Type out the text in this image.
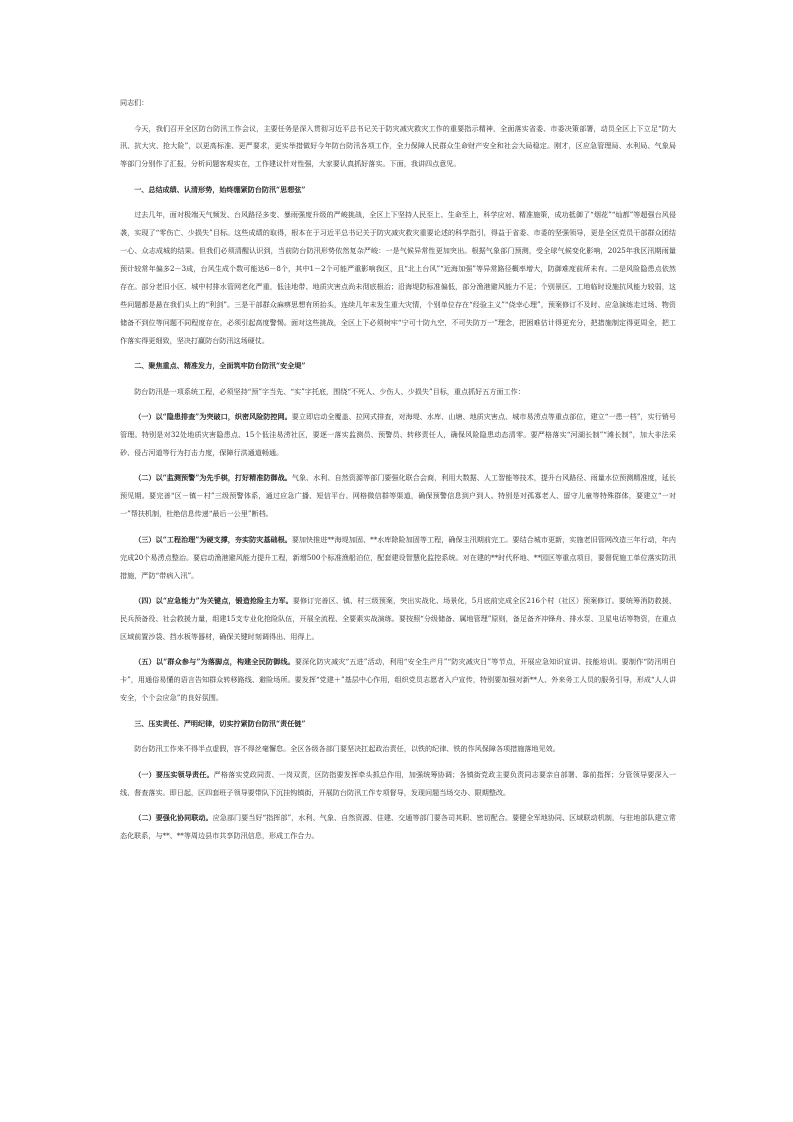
同志们：

今天，我们召开全区防台防汛工作会议，主要任务是深入贯彻习近平总书记关于防灾减灾救灾工作的重要指示精神，全面落实省委、市委决策部署，动员全区上下立足“防大汛、抗大灾、抢大险”，以更高标准、更严要求，更实举措做好今年防台防汛各项工作，全力保障人民群众生命财产安全和社会大局稳定。刚才，区应急管理局、水利局、气象局等部门分别作了汇报，分析问题客观实在，工作建议针对性强，大家要认真抓好落实。下面，我讲四点意见。

一、总结成绩、认清形势，始终绷紧防台防汛“思想弦”

过去几年，面对极端天气频发、台风路径多变、暴雨强度升级的严峻挑战，全区上下坚持人民至上、生命至上，科学应对、精准施策，成功抵御了“烟花”“灿都”等超强台风侵袭，实现了“零伤亡、少损失”目标。这些成绩的取得，根本在于习近平总书记关于防灾减灾救灾重要论述的科学指引，得益于省委、市委的坚强领导，更是全区党员干部群众团结一心、众志成城的结果。但我们必须清醒认识到，当前防台防汛形势依然复杂严峻：一是气候异常性更加突出。根据气象部门预测，受全球气候变化影响，2025年我区汛期雨量预计较常年偏多2－3成，台风生成个数可能达6－8个，其中1－2个可能严重影响我区，且“北上台风”“近海加强”等异常路径概率增大，防御难度前所未有。二是风险隐患点依然存在。部分老旧小区、城中村排水管网老化严重，低洼地带、地质灾害点尚未彻底根治；沿海堤防标准偏低，部分渔港避风能力不足；个别景区、工地临时设施抗风能力较弱，这些问题都是悬在我们头上的“利剑”。三是干部群众麻痹思想有所抬头，连续几年未发生重大灾情，个别单位存在“经验主义”“侥幸心理”，预案修订不及时、应急演练走过场、物资储备不到位等问题不同程度存在，必须引起高度警惕。面对这些挑战，全区上下必须树牢“宁可十防九空，不可失防万一”理念，把困难估计得更充分，把措施制定得更周全，把工作落实得更细致，坚决打赢防台防汛这场硬仗。

二、聚焦重点、精准发力，全面筑牢防台防汛“安全堤”

防台防汛是一项系统工程，必须坚持“预”字当先、“实”字托底，围绕“不死人、少伤人、少损失”目标，重点抓好五方面工作：

（一）以“隐患排查”为突破口，织密风险防控网。要立即启动全覆盖、拉网式排查，对海堤、水库、山塘、地质灾害点、城市易涝点等重点部位，建立“一患一档”，实行销号管理。特别是对32处地质灾害隐患点、15个低洼易涝社区，要逐一落实监测员、预警员、转移责任人，确保风险隐患动态清零。要严格落实“河湖长制”“滩长制”，加大非法采砂、侵占河道等行为打击力度，保障行洪通道畅通。

（二）以“监测预警”为先手棋，打好精准防御战。气象、水利、自然资源等部门要强化联合会商，利用大数据、人工智能等技术，提升台风路径、雨量水位预测精准度，延长预见期。要完善“区－镇－村”三级预警体系，通过应急广播、短信平台、网格微信群等渠道，确保预警信息到户到人。特别是对孤寡老人、留守儿童等特殊群体，要建立“一对一”帮扶机制，杜绝信息传递“最后一公里”断档。

（三）以“工程治理”为硬支撑，夯实防灾基础根。要加快推进**海堤加固、**水库除险加固等工程，确保主汛期前完工。要结合城市更新，实施老旧管网改造三年行动，年内完成20个易涝点整治。要启动渔港避风能力提升工程，新增500个标准渔船泊位，配套建设智慧化监控系统。对在建的**时代杯地、**园区等重点项目，要督促施工单位落实防汛措施，严防“带病入汛”。

（四）以“应急能力”为关键点，锻造抢险主力军。要修订完善区、镇、村三级预案，突出实战化、场景化，5月底前完成全区216个村（社区）预案修订。要统筹消防救援、民兵预备役、社会救援力量，组建15支专业化抢险队伍，开展全流程、全要素实战演练。要按照“分级储备、属地管理”原则，备足备齐冲锋舟、排水泵、卫星电话等物资，在重点区域前置沙袋、挡水板等器材，确保关键时刻调得出、用得上。

（五）以“群众参与”为落脚点，构建全民防御线。要深化防灾减灾“五进”活动，利用“安全生产月”“防灾减灾日”等节点，开展应急知识宣讲、技能培训。要制作“防汛明白卡”，用通俗易懂的语言告知群众转移路线、避险场所。要发挥“党建＋”基层中心作用，组织党员志愿者入户宣传，特别要加强对新**人、外来务工人员的服务引导，形成“人人讲安全，个个会应急”的良好氛围。

三、压实责任、严明纪律，切实拧紧防台防汛“责任链”

防台防汛工作来不得半点虚假，容不得丝毫懈怠。全区各级各部门要坚决扛起政治责任，以铁的纪律、铁的作风保障各项措施落地见效。

（一）要压实领导责任。严格落实党政同责、一岗双责，区防指要发挥牵头抓总作用，加强统筹协调；各镇街党政主要负责同志要亲自部署、靠前指挥；分管领导要深入一线、督查落实。即日起，区四套班子领导要带队下沉挂钩镇街，开展防台防汛工作专项督导，发现问题当场交办、限期整改。

（二）要强化协同联动。应急部门要当好“指挥部”，水利、气象、自然资源、住建、交通等部门要各司其职、密切配合。要健全军地协同、区域联动机制，与驻地部队建立常态化联系，与**、**等周边县市共享防汛信息，形成工作合力。
